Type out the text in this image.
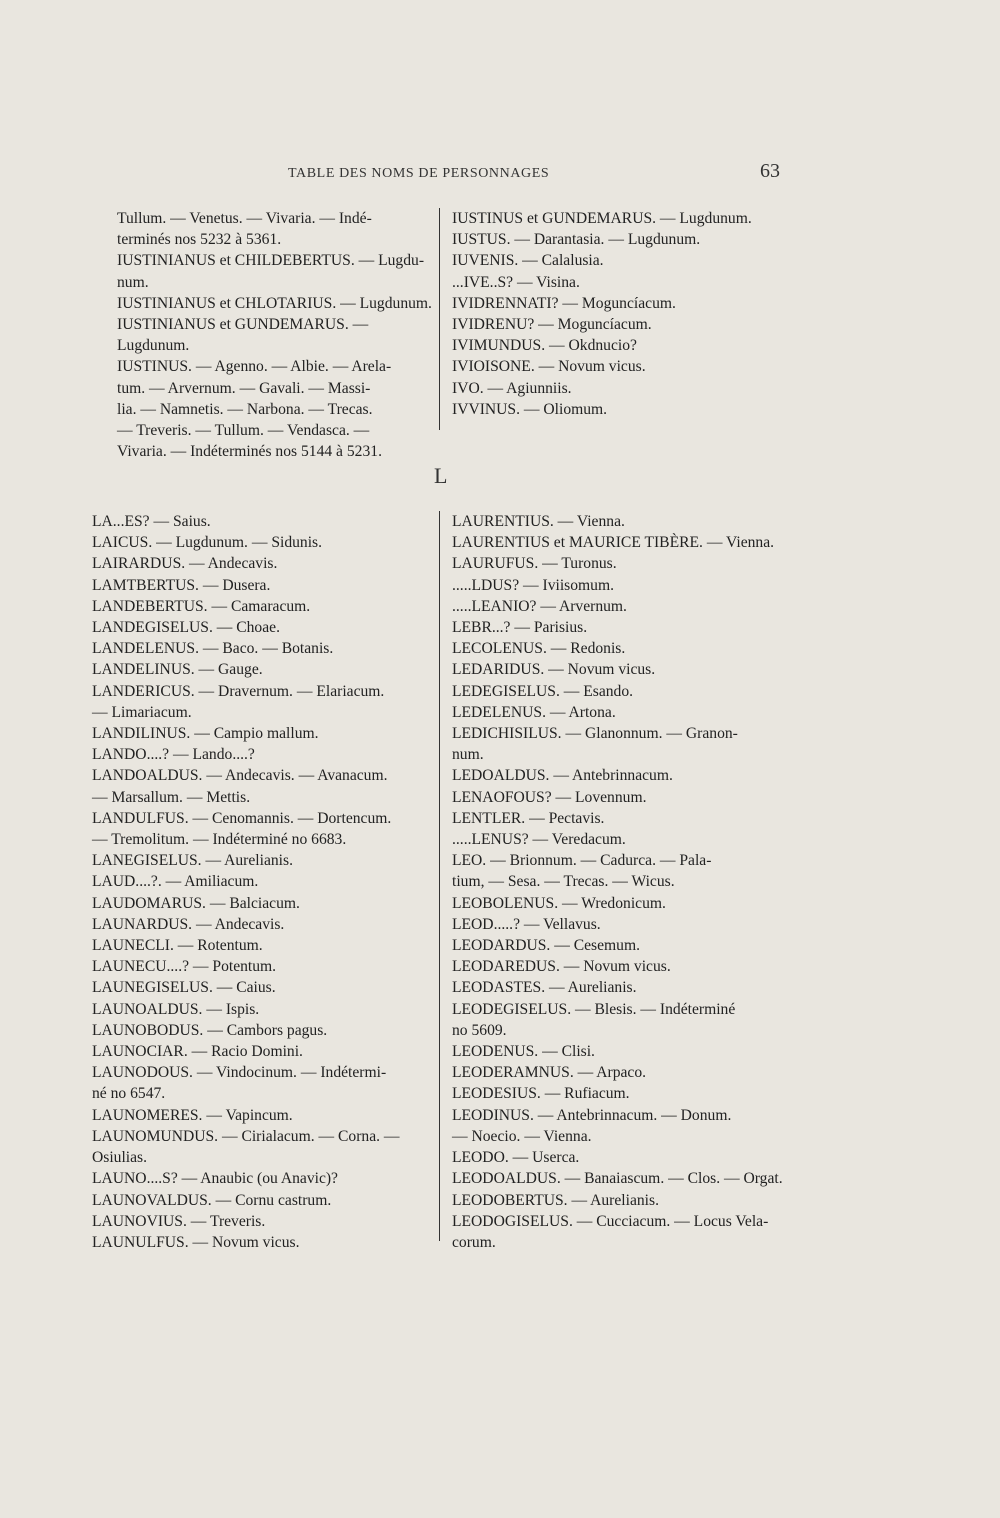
TABLE DES NOMS DE PERSONNAGES	63
Tullum. — Venetus. — Vivaria. — Indé-
terminés nos 5232 à 5361.
IUSTINIANUS et CHILDEBERTUS. — Lugdu-
num.
IUSTINIANUS et CHLOTARIUS. — Lugdunum.
IUSTINIANUS et GUNDEMARUS. — Lugdunum.
IUSTINUS. — Agenno. — Albie. — Arela-
tum. — Arvernum. — Gavali. — Massi-
lia. — Namnetis. — Narbona. — Trecas.
— Treveris. — Tullum. — Vendasca. —
Vivaria. — Indéterminés nos 5144 à 5231.
IUSTINUS et GUNDEMARUS. — Lugdunum.
IUSTUS. — Darantasia. — Lugdunum.
IUVENIS. — Calalusia.
...IVE..S? — Visina.
IVIDRENNATI? — Moguncíacum.
IVIDRENU? — Moguncíacum.
IVIMUNDUS. — Okdnucio?
IVIOISONE. — Novum vicus.
IVO. — Agiunniis.
IVVINUS. — Oliomum.
L
LA...ES? — Saius.
LAICUS. — Lugdunum. — Sidunis.
LAIRARDUS. — Andecavis.
LAMTBERTUS. — Dusera.
LANDEBERTUS. — Camaracum.
LANDEGISELUS. — Choae.
LANDELENUS. — Baco. — Botanis.
LANDELINUS. — Gauge.
LANDERICUS. — Dravernum. — Elariacum.
— Limariacum.
LANDILINUS. — Campio mallum.
LANDO....? — Lando....?
LANDOALDUS. — Andecavis. — Avanacum.
— Marsallum. — Mettis.
LANDULFUS. — Cenomannis. — Dortencum.
— Tremolitum. — Indéterminé no 6683.
LANEGISELUS. — Aurelianis.
LAUD....?. — Amiliacum.
LAUDOMARUS. — Balciacum.
LAUNARDUS. — Andecavis.
LAUNECLI. — Rotentum.
LAUNECU....? — Potentum.
LAUNEGISELUS. — Caius.
LAUNOALDUS. — Ispis.
LAUNOBODUS. — Cambors pagus.
LAUNOCIAR. — Racio Domini.
LAUNODOUS. — Vindocinum. — Indétermi-
né no 6547.
LAUNOMERES. — Vapincum.
LAUNOMUNDUS. — Cirialacum. — Corna. —
Osiulias.
LAUNO....S? — Anaubic (ou Anavic)?
LAUNOVALDUS. — Cornu castrum.
LAUNOVIUS. — Treveris.
LAUNULFUS. — Novum vicus.
LAURENTIUS. — Vienna.
LAURENTIUS et MAURICE TIBÈRE. — Vienna.
LAURUFUS. — Turonus.
.....LDUS? — Iviisomum.
.....LEANIO? — Arvernum.
LEBR...? — Parisius.
LECOLENUS. — Redonis.
LEDARIDUS. — Novum vicus.
LEDEGISELUS. — Esando.
LEDELENUS. — Artona.
LEDICHISILUS. — Glanonnum. — Granon-
num.
LEDOALDUS. — Antebrinnacum.
LENAOFOUS? — Lovennum.
LENTLER. — Pectavis.
.....LENUS? — Veredacum.
LEO. — Brionnum. — Cadurca. — Pala-
tium, — Sesa. — Trecas. — Wicus.
LEOBOLENUS. — Wredonicum.
LEOD.....? — Vellavus.
LEODARDUS. — Cesemum.
LEODAREDUS. — Novum vicus.
LEODASTES. — Aurelianis.
LEODEGISELUS. — Blesis. — Indéterminé
no 5609.
LEODENUS. — Clisi.
LEODERAMNUS. — Arpaco.
LEODESIUS. — Rufiacum.
LEODINUS. — Antebrinnacum. — Donum.
— Noecio. — Vienna.
LEODO. — Userca.
LEODOALDUS. — Banaiascum. — Clos. — Orgat.
LEODOBERTUS. — Aurelianis.
LEODOGISELUS. — Cucciacum. — Locus Vela-
corum.
